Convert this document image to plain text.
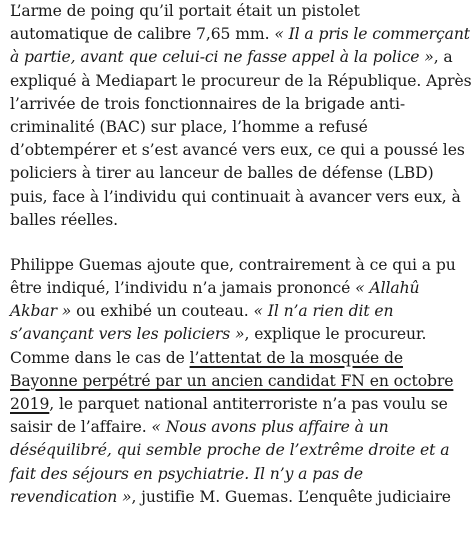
L’arme de poing qu’il portait était un pistolet
automatique de calibre 7,65 mm. « Il a pris le commerçant
à partie, avant que celui-ci ne fasse appel à la police », a
expliqué à Mediapart le procureur de la République. Après
l’arrivée de trois fonctionnaires de la brigade anti-
criminalité (BAC) sur place, l’homme a refusé
d’obtempérer et s’est avancé vers eux, ce qui a poussé les
policiers à tirer au lanceur de balles de défense (LBD)
puis, face à l’individu qui continuait à avancer vers eux, à
balles réelles.

Philippe Guemas ajoute que, contrairement à ce qui a pu
être indiqué, l’individu n’a jamais prononcé « Allahû
Akbar » ou exhibé un couteau. « Il n’a rien dit en
s’avançant vers les policiers », explique le procureur.
Comme dans le cas de l’attentat de la mosquée de
Bayonne perpétré par un ancien candidat FN en octobre
2019, le parquet national antiterroriste n’a pas voulu se
saisir de l’affaire. « Nous avons plus affaire à un
déséquilibré, qui semble proche de l’extrême droite et a
fait des séjours en psychiatrie. Il n’y a pas de
revendication », justifie M. Guemas. L’enquête judiciaire
